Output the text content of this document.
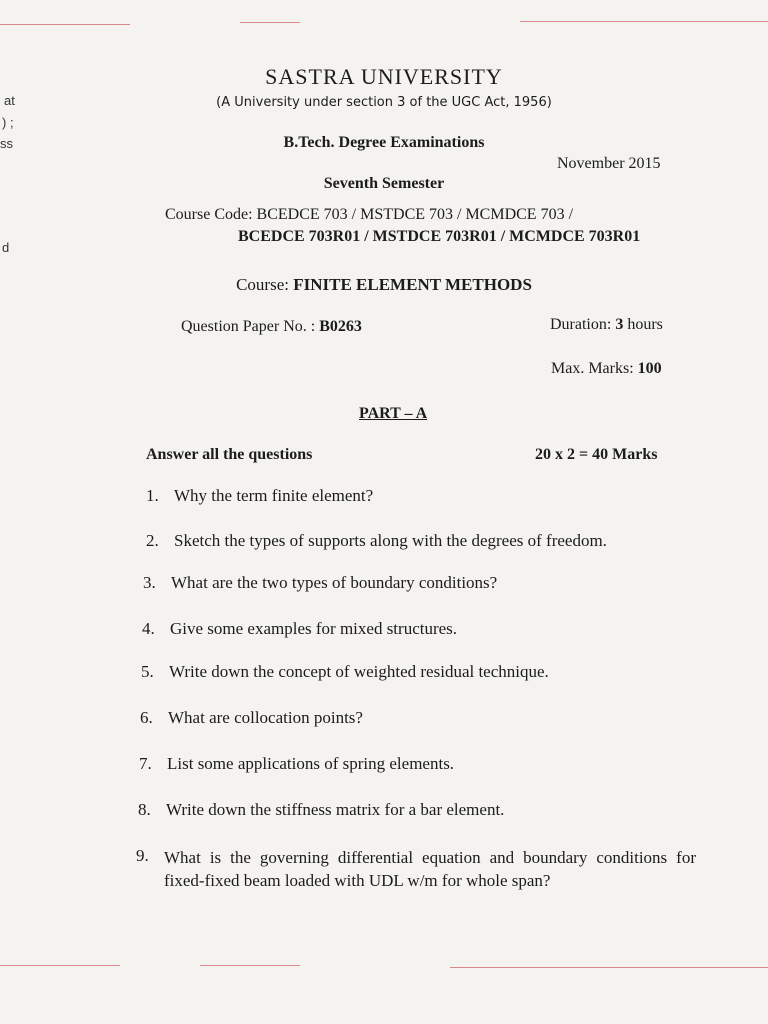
at
) ;
ss
d
SASTRA UNIVERSITY
(A University under section 3 of the UGC Act, 1956)
B.Tech. Degree Examinations
November 2015
Seventh Semester
Course Code: BCEDCE 703 / MSTDCE 703 / MCMDCE 703 /
BCEDCE 703R01 / MSTDCE 703R01 / MCMDCE 703R01
Course: FINITE ELEMENT METHODS
Question Paper No. : B0263	Duration: 3 hours
Max. Marks: 100
PART – A
Answer all the questions	20 x 2 = 40 Marks
1. Why the term finite element?
2. Sketch the types of supports along with the degrees of freedom.
3. What are the two types of boundary conditions?
4. Give some examples for mixed structures.
5. Write down the concept of weighted residual technique.
6. What are collocation points?
7. List some applications of spring elements.
8. Write down the stiffness matrix for a bar element.
9. What is the governing differential equation and boundary conditions for fixed-fixed beam loaded with UDL w/m for whole span?
